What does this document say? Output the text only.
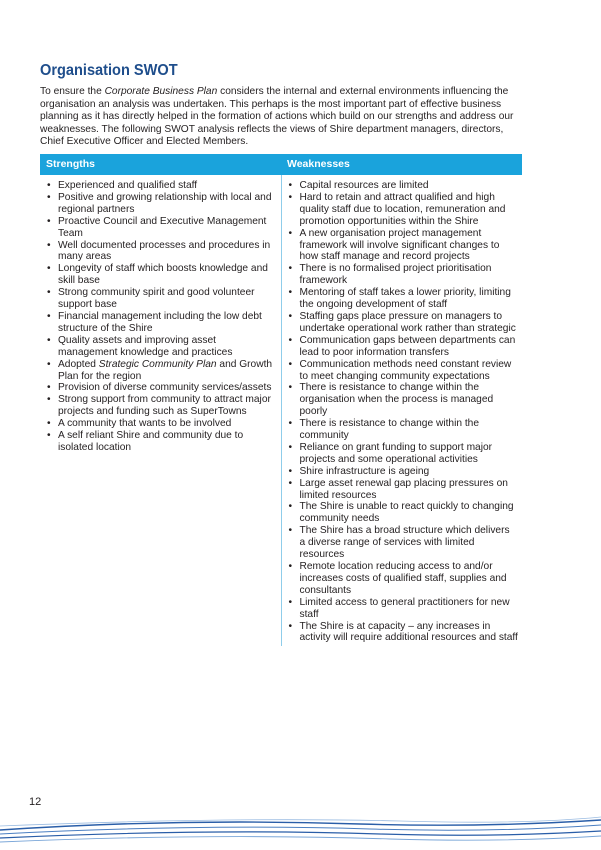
Organisation SWOT

To ensure the Corporate Business Plan considers the internal and external environments influencing the organisation an analysis was undertaken. This perhaps is the most important part of effective business planning as it has directly helped in the formation of actions which build on our strengths and address our weaknesses. The following SWOT analysis reflects the views of Shire department managers, directors, Chief Executive Officer and Elected Members.

Strengths	Weaknesses
• Experienced and qualified staff
• Positive and growing relationship with local and regional partners
• Proactive Council and Executive Management Team
• Well documented processes and procedures in many areas
• Longevity of staff which boosts knowledge and skill base
• Strong community spirit and good volunteer support base
• Financial management including the low debt structure of the Shire
• Quality assets and improving asset management knowledge and practices
• Adopted Strategic Community Plan and Growth Plan for the region
• Provision of diverse community services/assets
• Strong support from community to attract major projects and funding such as SuperTowns
• A community that wants to be involved
• A self reliant Shire and community due to isolated location
• Capital resources are limited
• Hard to retain and attract qualified and high quality staff due to location, remuneration and promotion opportunities within the Shire
• A new organisation project management framework will involve significant changes to how staff manage and record projects
• There is no formalised project prioritisation framework
• Mentoring of staff takes a lower priority, limiting the ongoing development of staff
• Staffing gaps place pressure on managers to undertake operational work rather than strategic
• Communication gaps between departments can lead to poor information transfers
• Communication methods need constant review to meet changing community expectations
• There is resistance to change within the organisation when the process is managed poorly
• There is resistance to change within the community
• Reliance on grant funding to support major projects and some operational activities
• Shire infrastructure is ageing
• Large asset renewal gap placing pressures on limited resources
• The Shire is unable to react quickly to changing community needs
• The Shire has a broad structure which delivers a diverse range of services with limited resources
• Remote location reducing access to and/or increases costs of qualified staff, supplies and consultants
• Limited access to general practitioners for new staff
• The Shire is at capacity – any increases in activity will require additional resources and staff
12
